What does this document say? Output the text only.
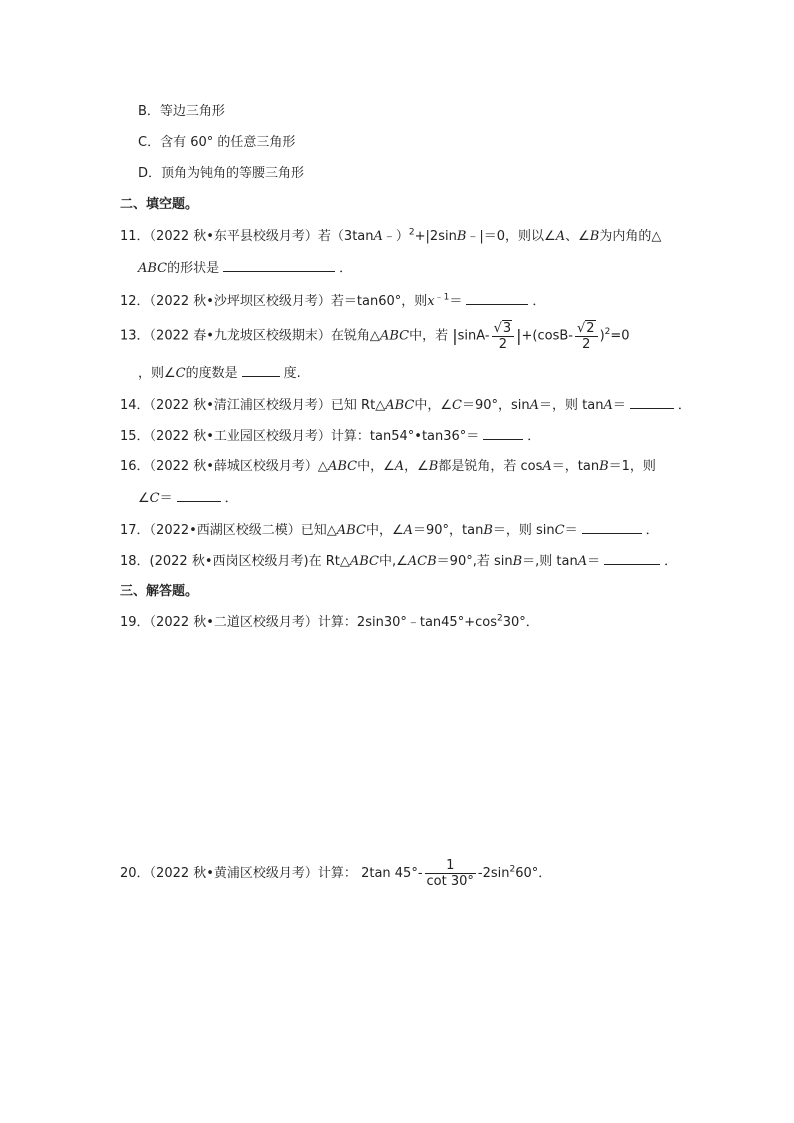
B．等边三角形
C．含有 60° 的任意三角形
D．顶角为钝角的等腰三角形
二、填空题。
11．（2022 秋•东平县校级月考）若（3tanA﹣）$^2$+|2sinB﹣|＝0，则以∠A、∠B为内角的△
ABC的形状是	．
12．（2022 秋•沙坪坝区校级月考）若＝tan60°，则$x^{﹣1}=$	．
13．（2022 春•九龙坡区校级期末）在锐角△ABC中，若 $|\sin A- \frac{√3}{2} |+(\cos B- \frac{√2}{2} )^2=0$
，则∠C的度数是	度.
14．（2022 秋•清江浦区校级月考）已知 Rt△ABC中，∠C＝90°，sinA＝，则 tanA＝	．
15．（2022 秋•工业园区校级月考）计算：tan54°•tan36°＝	．
16．（2022 秋•薛城区校级月考）△ABC中，∠A，∠B都是锐角，若 cosA＝，tanB＝1，则
∠C＝	．
17．（2022•西湖区校级二模）已知△ABC中，∠A＝90°，tanB＝，则 sinC＝	．
18．(2022 秋•西岗区校级月考)在 Rt△ABC中,∠ACB＝90°,若 sinB＝,则 tanA＝	．
三、解答题。
19．（2022 秋•二道区校级月考）计算：$2\sin 30^\circ﹣\tan 45^\circ+\cos^230^\circ$．
20．（2022 秋•黄浦区校级月考）计算： 2tan $45^\circ- \frac{1}{\cot 30^\circ} -2\sin^260^\circ$．
